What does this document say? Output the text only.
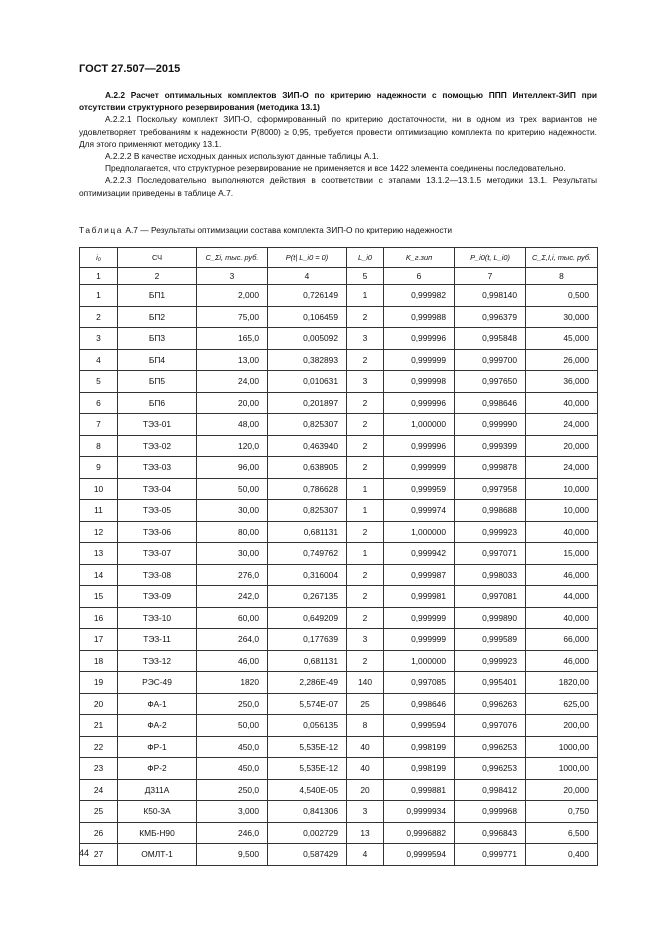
ГОСТ 27.507—2015

А.2.2 Расчет оптимальных комплектов ЗИП-О по критерию надежности с помощью ППП Интеллект-ЗИП при отсутствии структурного резервирования (методика 13.1)

А.2.2.1 Поскольку комплект ЗИП-О, сформированный по критерию достаточности, ни в одном из трех вариантов не удовлетворяет требованиям к надежности P(8000) ≥ 0,95, требуется провести оптимизацию комплекта по критерию надежности. Для этого применяют методику 13.1.

А.2.2.2 В качестве исходных данных используют данные таблицы А.1.

Предполагается, что структурное резервирование не применяется и все 1422 элемента соединены последовательно.

А.2.2.3 Последовательно выполняются действия в соответствии с этапами 13.1.2—13.1.5 методики 13.1. Результаты оптимизации приведены в таблице А.7.

Таблица А.7 — Результаты оптимизации состава комплекта ЗИП-О по критерию надежности
i₀	СЧ	C_Σi, тыс. руб.	P(t| L_i0 = 0)	L_i0	K_г.зип	P_i0(t, L_i0)	C_Σ,I,i, тыс. руб.
1	2	3	4	5	6	7	8
1	БП1	2,000	0,726149	1	0,999982	0,998140	0,500
2	БП2	75,00	0,106459	2	0,999988	0,996379	30,000
3	БП3	165,0	0,005092	3	0,999996	0,995848	45,000
4	БП4	13,00	0,382893	2	0,999999	0,999700	26,000
5	БП5	24,00	0,010631	3	0,999998	0,997650	36,000
6	БП6	20,00	0,201897	2	0,999996	0,998646	40,000
7	ТЭЗ-01	48,00	0,825307	2	1,000000	0,999990	24,000
8	ТЭЗ-02	120,0	0,463940	2	0,999996	0,999399	20,000
9	ТЭЗ-03	96,00	0,638905	2	0,999999	0,999878	24,000
10	ТЭЗ-04	50,00	0,786628	1	0,999959	0,997958	10,000
11	ТЭЗ-05	30,00	0,825307	1	0,999974	0,998688	10,000
12	ТЭЗ-06	80,00	0,681131	2	1,000000	0,999923	40,000
13	ТЭЗ-07	30,00	0,749762	1	0,999942	0,997071	15,000
14	ТЭЗ-08	276,0	0,316004	2	0,999987	0,998033	46,000
15	ТЭЗ-09	242,0	0,267135	2	0,999981	0,997081	44,000
16	ТЭЗ-10	60,00	0,649209	2	0,999999	0,999890	40,000
17	ТЭЗ-11	264,0	0,177639	3	0,999999	0,999589	66,000
18	ТЭЗ-12	46,00	0,681131	2	1,000000	0,999923	46,000
19	РЭС-49	1820	2,286E-49	140	0,997085	0,995401	1820,00
20	ФА-1	250,0	5,574E-07	25	0,998646	0,996263	625,00
21	ФА-2	50,00	0,056135	8	0,999594	0,997076	200,00
22	ФР-1	450,0	5,535E-12	40	0,998199	0,996253	1000,00
23	ФР-2	450,0	5,535E-12	40	0,998199	0,996253	1000,00
24	Д311А	250,0	4,540E-05	20	0,999881	0,998412	20,000
25	К50-3А	3,000	0,841306	3	0,9999934	0,999968	0,750
26	КМБ-Н90	246,0	0,002729	13	0,9996882	0,996843	6,500
27	ОМЛТ-1	9,500	0,587429	4	0,9999594	0,999771	0,400
44
